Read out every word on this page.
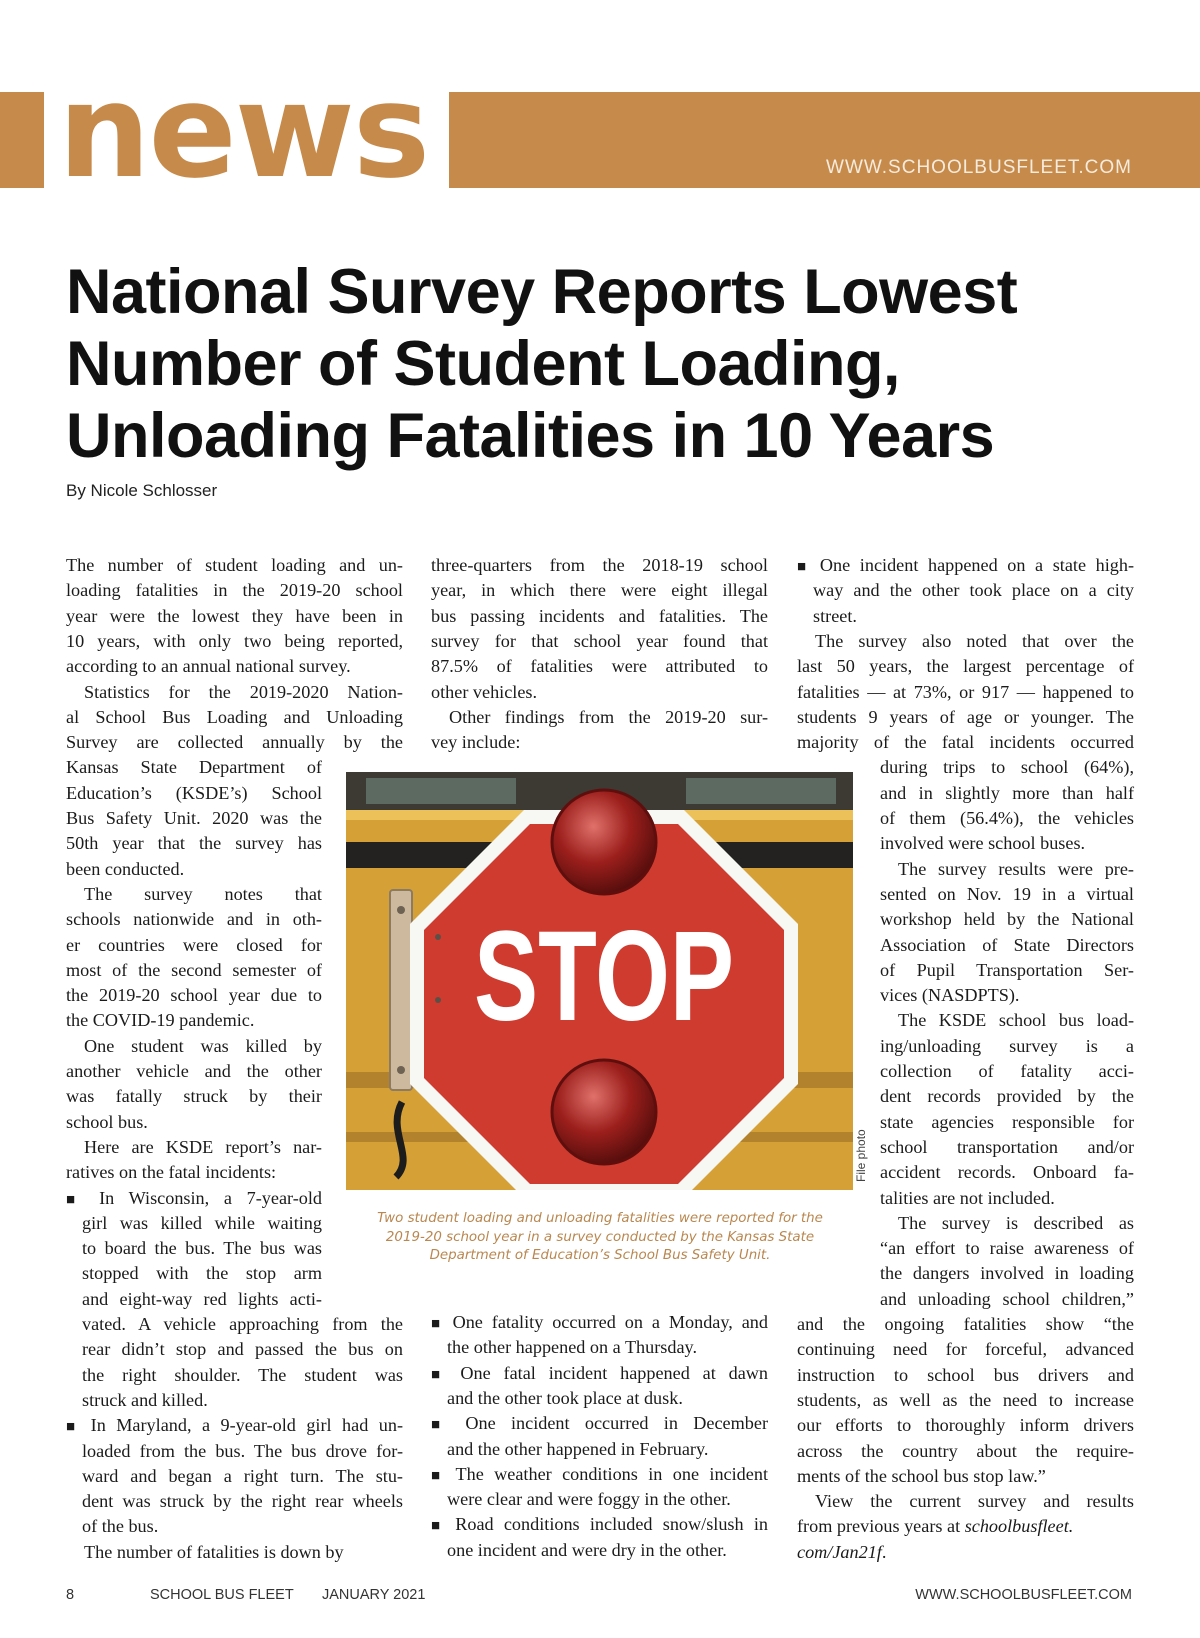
news	WWW.SCHOOLBUSFLEET.COM
National Survey Reports Lowest
Number of Student Loading,
Unloading Fatalities in 10 Years
By Nicole Schlosser
The number of student loading and un-
loading fatalities in the 2019-20 school
year were the lowest they have been in
10 years, with only two being reported,
according to an annual national survey.
Statistics for the 2019-2020 Nation-
al School Bus Loading and Unloading
Survey are collected annually by the
Kansas State Department of
Education’s (KSDE’s) School
Bus Safety Unit. 2020 was the
50th year that the survey has
been conducted.
The survey notes that
schools nationwide and in oth-
er countries were closed for
most of the second semester of
the 2019-20 school year due to
the COVID-19 pandemic.
One student was killed by
another vehicle and the other
was fatally struck by their
school bus.
Here are KSDE report’s nar-
ratives on the fatal incidents:
■ In Wisconsin, a 7-year-old
girl was killed while waiting
to board the bus. The bus was
stopped with the stop arm
and eight-way red lights acti-
vated. A vehicle approaching from the
rear didn’t stop and passed the bus on
the right shoulder. The student was
struck and killed.
■ In Maryland, a 9-year-old girl had un-
loaded from the bus. The bus drove for-
ward and began a right turn. The stu-
dent was struck by the right rear wheels
of the bus.
The number of fatalities is down by
three-quarters from the 2018-19 school
year, in which there were eight illegal
bus passing incidents and fatalities. The
survey for that school year found that
87.5% of fatalities were attributed to
other vehicles.
Other findings from the 2019-20 sur-
vey include:
■ One fatality occurred on a Monday, and
the other happened on a Thursday.
■ One fatal incident happened at dawn
and the other took place at dusk.
■ One incident occurred in December
and the other happened in February.
■ The weather conditions in one incident
were clear and were foggy in the other.
■ Road conditions included snow/slush in
one incident and were dry in the other.
■ One incident happened on a state high-
way and the other took place on a city
street.
The survey also noted that over the
last 50 years, the largest percentage of
fatalities — at 73%, or 917 — happened to
students 9 years of age or younger. The
majority of the fatal incidents occurred
during trips to school (64%),
and in slightly more than half
of them (56.4%), the vehicles
involved were school buses.
The survey results were pre-
sented on Nov. 19 in a virtual
workshop held by the National
Association of State Directors
of Pupil Transportation Ser-
vices (NASDPTS).
The KSDE school bus load-
ing/unloading survey is a
collection of fatality acci-
dent records provided by the
state agencies responsible for
school transportation and/or
accident records. Onboard fa-
talities are not included.
The survey is described as
“an effort to raise awareness of
the dangers involved in loading
and unloading school children,”
and the ongoing fatalities show “the
continuing need for forceful, advanced
instruction to school bus drivers and
students, as well as the need to increase
our efforts to thoroughly inform drivers
across the country about the require-
ments of the school bus stop law.”
View the current survey and results
from previous years at schoolbusfleet.
com/Jan21f.
STOP
File photo
Two student loading and unloading fatalities were reported for the 2019-20 school year in a survey conducted by the Kansas State Department of Education’s School Bus Safety Unit.
8	SCHOOL BUS FLEET JANUARY 2021	WWW.SCHOOLBUSFLEET.COM
